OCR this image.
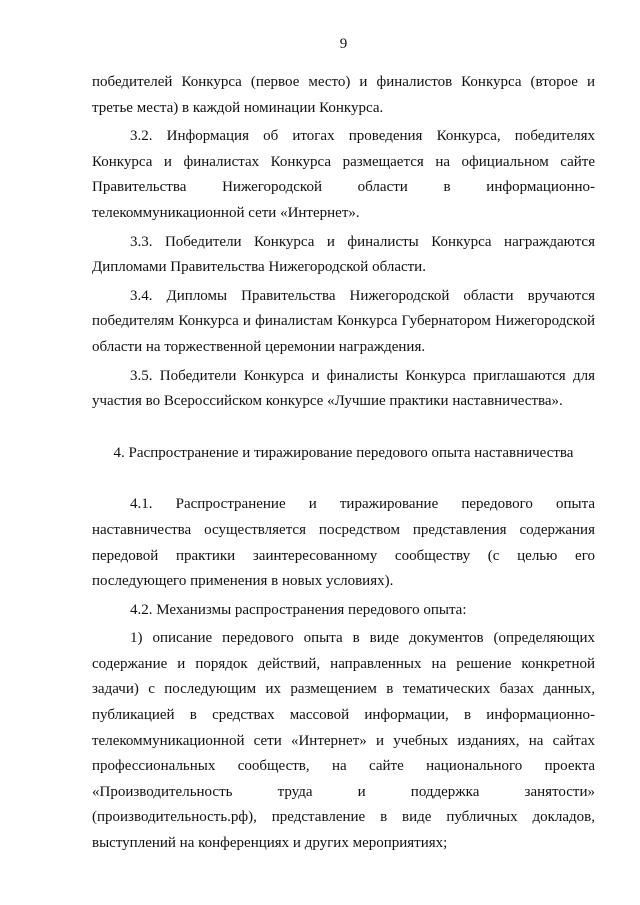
9

победителей Конкурса (первое место) и финалистов Конкурса (второе и третье места) в каждой номинации Конкурса.

3.2. Информация об итогах проведения Конкурса, победителях Конкурса и финалистах Конкурса размещается на официальном сайте Правительства Нижегородской области в информационно-телекоммуникационной сети «Интернет».

3.3. Победители Конкурса и финалисты Конкурса награждаются Дипломами Правительства Нижегородской области.

3.4. Дипломы Правительства Нижегородской области вручаются победителям Конкурса и финалистам Конкурса Губернатором Нижегородской области на торжественной церемонии награждения.

3.5. Победители Конкурса и финалисты Конкурса приглашаются для участия во Всероссийском конкурсе «Лучшие практики наставничества».

4. Распространение и тиражирование передового опыта наставничества

4.1. Распространение и тиражирование передового опыта наставничества осуществляется посредством представления содержания передовой практики заинтересованному сообществу (с целью его последующего применения в новых условиях).

4.2. Механизмы распространения передового опыта:

1) описание передового опыта в виде документов (определяющих содержание и порядок действий, направленных на решение конкретной задачи) с последующим их размещением в тематических базах данных, публикацией в средствах массовой информации, в информационно-телекоммуникационной сети «Интернет» и учебных изданиях, на сайтах профессиональных сообществ, на сайте национального проекта «Производительность труда и поддержка занятости» (производительность.рф), представление в виде публичных докладов, выступлений на конференциях и других мероприятиях;
